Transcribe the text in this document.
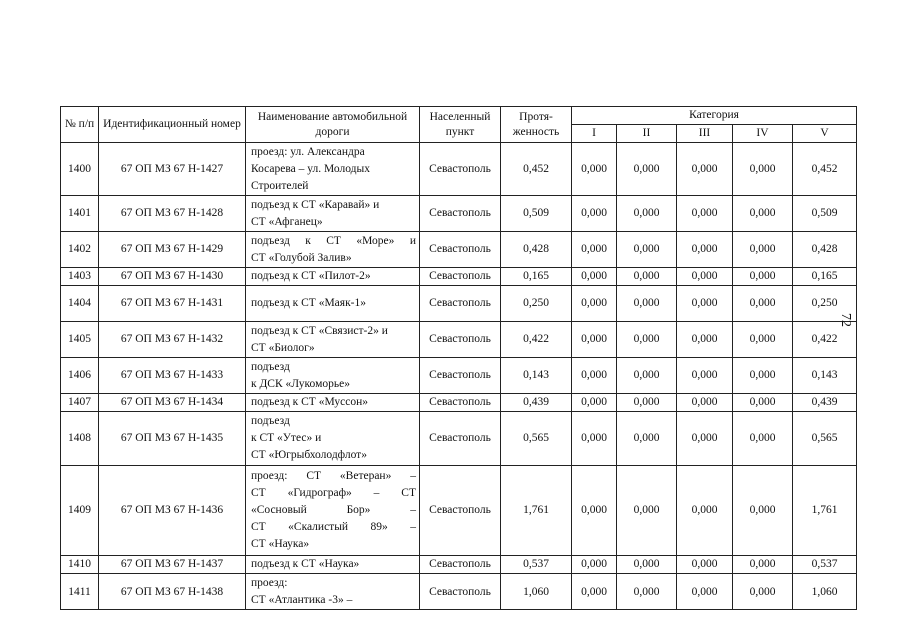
№ п/п	Идентификационный номер	Наименование автомобильной дороги	Населенный пункт	Протя-женность	Категория				
					I	II	III	IV	V
1400	67 ОП МЗ 67 Н-1427	проезд: ул. Александра
Косарева – ул. Молодых
Строителей	Севастополь	0,452	0,000	0,000	0,000	0,000	0,452
1401	67 ОП МЗ 67 Н-1428	подъезд к СТ «Каравай» и
СТ «Афганец»	Севастополь	0,509	0,000	0,000	0,000	0,000	0,509
1402	67 ОП МЗ 67 Н-1429	подъезд к СТ «Море» и
СТ «Голубой Залив»	Севастополь	0,428	0,000	0,000	0,000	0,000	0,428
1403	67 ОП МЗ 67 Н-1430	подъезд к СТ «Пилот-2»	Севастополь	0,165	0,000	0,000	0,000	0,000	0,165
1404	67 ОП МЗ 67 Н-1431	подъезд к СТ «Маяк-1»	Севастополь	0,250	0,000	0,000	0,000	0,000	0,250
1405	67 ОП МЗ 67 Н-1432	подъезд к СТ «Связист-2» и
СТ «Биолог»	Севастополь	0,422	0,000	0,000	0,000	0,000	0,422
1406	67 ОП МЗ 67 Н-1433	подъезд
к ДСК «Лукоморье»	Севастополь	0,143	0,000	0,000	0,000	0,000	0,143
1407	67 ОП МЗ 67 Н-1434	подъезд к СТ «Муссон»	Севастополь	0,439	0,000	0,000	0,000	0,000	0,439
1408	67 ОП МЗ 67 Н-1435	подъезд
к СТ «Утес» и
СТ «Югрыбхолодфлот»	Севастополь	0,565	0,000	0,000	0,000	0,000	0,565
1409	67 ОП МЗ 67 Н-1436	проезд: СТ «Ветеран» –
СТ «Гидрограф» – СТ
«Сосновый Бор» –
СТ «Скалистый 89» –
СТ «Наука»	Севастополь	1,761	0,000	0,000	0,000	0,000	1,761
1410	67 ОП МЗ 67 Н-1437	подъезд к СТ «Наука»	Севастополь	0,537	0,000	0,000	0,000	0,000	0,537
1411	67 ОП МЗ 67 Н-1438	проезд:
СТ «Атлантика -3» –	Севастополь	1,060	0,000	0,000	0,000	0,000	1,060
72
